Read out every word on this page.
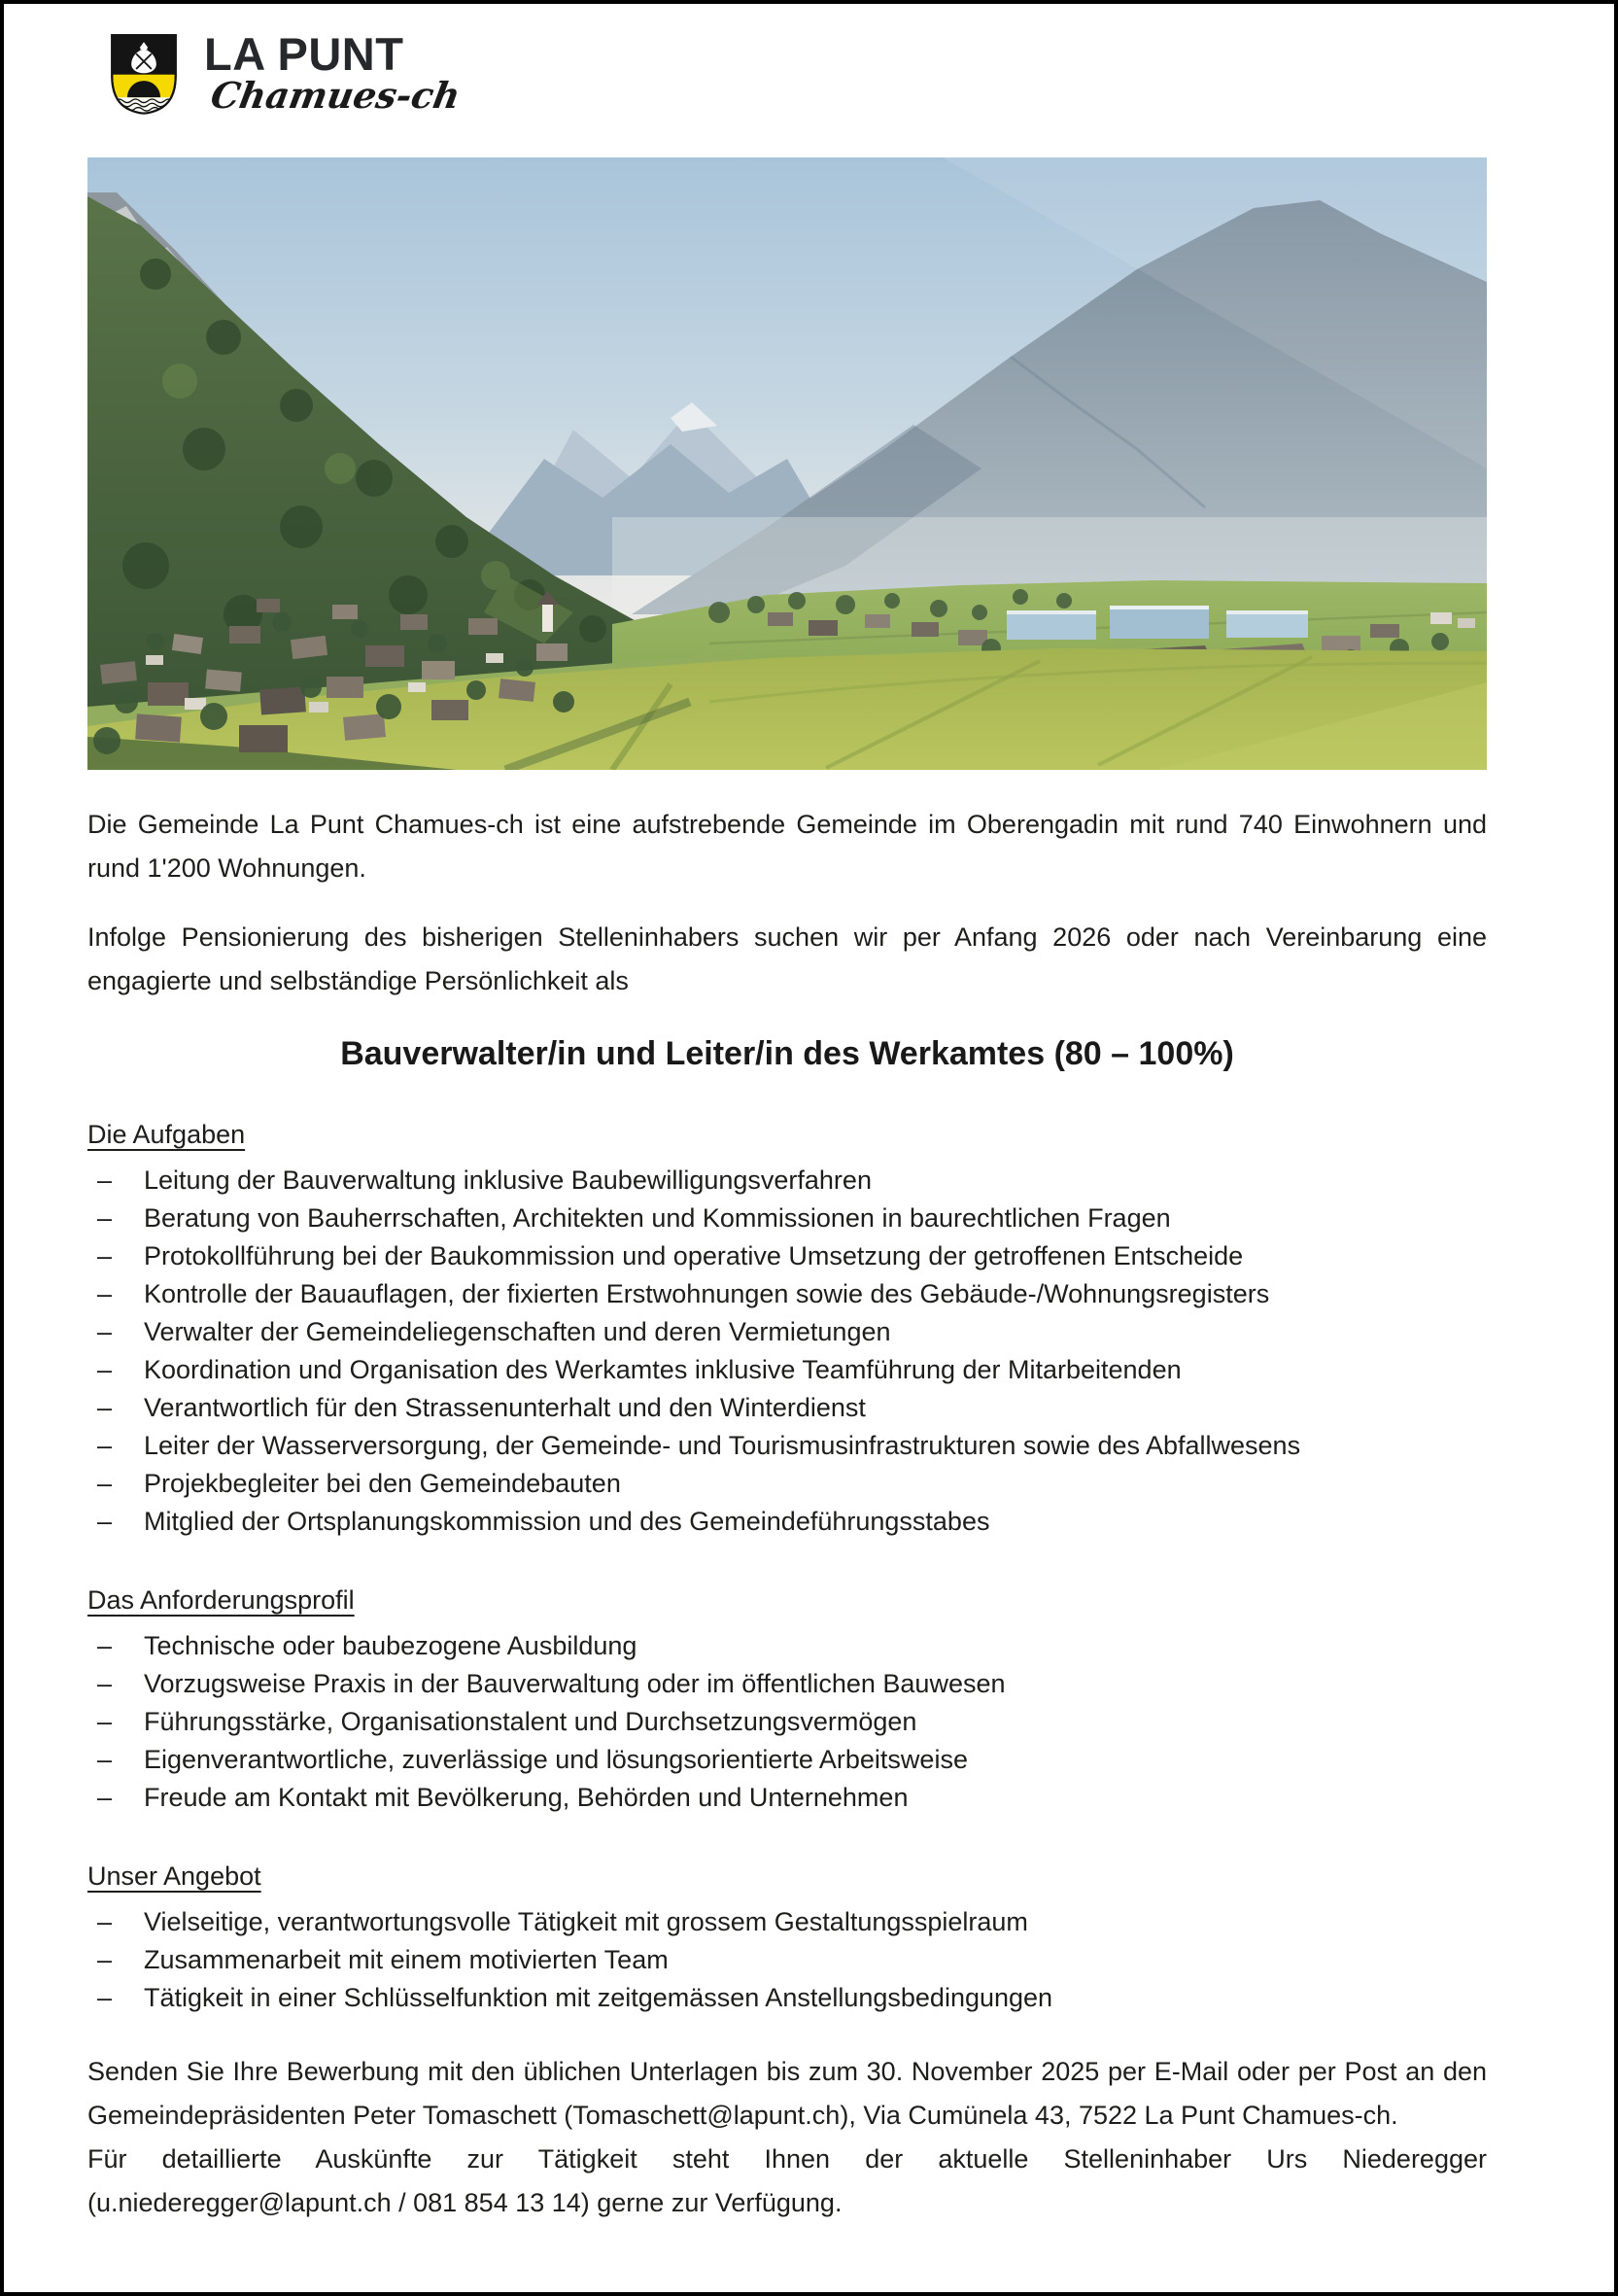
LA PUNT
Chamues-ch

Die Gemeinde La Punt Chamues-ch ist eine aufstrebende Gemeinde im Oberengadin mit rund 740 Einwohnern und rund 1'200 Wohnungen.

Infolge Pensionierung des bisherigen Stelleninhabers suchen wir per Anfang 2026 oder nach Vereinbarung eine engagierte und selbständige Persönlichkeit als

Bauverwalter/in und Leiter/in des Werkamtes (80 – 100%)
Die Aufgaben
– Leitung der Bauverwaltung inklusive Baubewilligungsverfahren
– Beratung von Bauherrschaften, Architekten und Kommissionen in baurechtlichen Fragen
– Protokollführung bei der Baukommission und operative Umsetzung der getroffenen Entscheide
– Kontrolle der Bauauflagen, der fixierten Erstwohnungen sowie des Gebäude-/Wohnungsregisters
– Verwalter der Gemeindeliegenschaften und deren Vermietungen
– Koordination und Organisation des Werkamtes inklusive Teamführung der Mitarbeitenden
– Verantwortlich für den Strassenunterhalt und den Winterdienst
– Leiter der Wasserversorgung, der Gemeinde- und Tourismusinfrastrukturen sowie des Abfallwesens
– Projekbegleiter bei den Gemeindebauten
– Mitglied der Ortsplanungskommission und des Gemeindeführungsstabes
Das Anforderungsprofil
– Technische oder baubezogene Ausbildung
– Vorzugsweise Praxis in der Bauverwaltung oder im öffentlichen Bauwesen
– Führungsstärke, Organisationstalent und Durchsetzungsvermögen
– Eigenverantwortliche, zuverlässige und lösungsorientierte Arbeitsweise
– Freude am Kontakt mit Bevölkerung, Behörden und Unternehmen
Unser Angebot
– Vielseitige, verantwortungsvolle Tätigkeit mit grossem Gestaltungsspielraum
– Zusammenarbeit mit einem motivierten Team
– Tätigkeit in einer Schlüsselfunktion mit zeitgemässen Anstellungsbedingungen

Senden Sie Ihre Bewerbung mit den üblichen Unterlagen bis zum 30. November 2025 per E-Mail oder per Post an den Gemeindepräsidenten Peter Tomaschett (Tomaschett@lapunt.ch), Via Cumünela 43, 7522 La Punt Chamues-ch.

Für detaillierte Auskünfte zur Tätigkeit steht Ihnen der aktuelle Stelleninhaber Urs Niederegger (u.niederegger@lapunt.ch / 081 854 13 14) gerne zur Verfügung.
